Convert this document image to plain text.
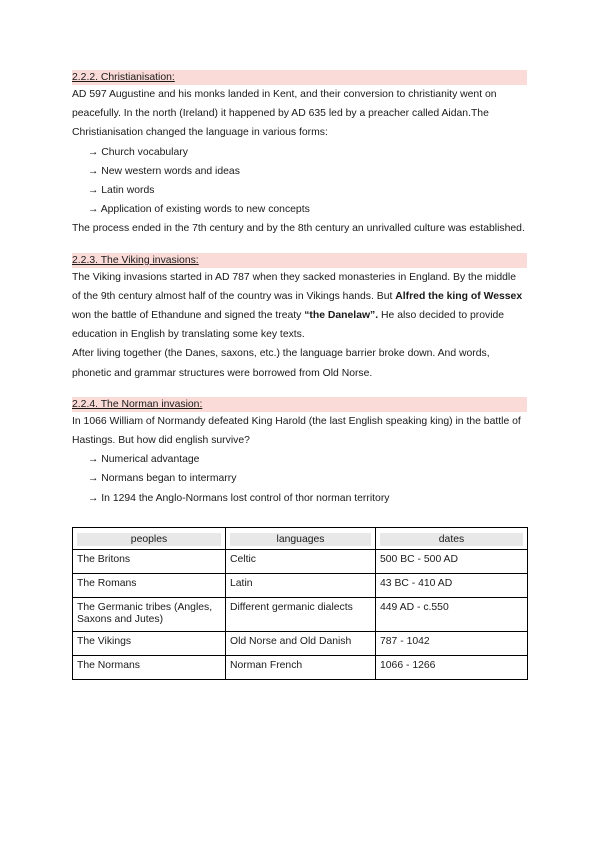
2.2.2. Christianisation:

AD 597 Augustine and his monks landed in Kent, and their conversion to christianity went on peacefully. In the north (Ireland) it happened by AD 635 led by a preacher called Aidan.The Christianisation changed the language in various forms:

→ Church vocabulary

→ New western words and ideas

→ Latin words

→ Application of existing words to new concepts

The process ended in the 7th century and by the 8th century an unrivalled culture was established.

2.2.3. The Viking invasions:

The Viking invasions started in AD 787 when they sacked monasteries in England. By the middle of the 9th century almost half of the country was in Vikings hands. But Alfred the king of Wessex won the battle of Ethandune and signed the treaty “the Danelaw”. He also decided to provide education in English by translating some key texts.

After living together (the Danes, saxons, etc.) the language barrier broke down. And words, phonetic and grammar structures were borrowed from Old Norse.

2.2.4. The Norman invasion:

In 1066 William of Normandy defeated King Harold (the last English speaking king) in the battle of Hastings. But how did english survive?

→ Numerical advantage

→ Normans began to intermarry

→ In 1294 the Anglo-Normans lost control of thor norman territory

peoples	languages	dates

The Britons	Celtic	500 BC - 500 AD
The Romans	Latin	43 BC - 410 AD
The Germanic tribes (Angles, Saxons and Jutes)	Different germanic dialects	449 AD - c.550
The Vikings	Old Norse and Old Danish	787 - 1042
The Normans	Norman French	1066 - 1266
